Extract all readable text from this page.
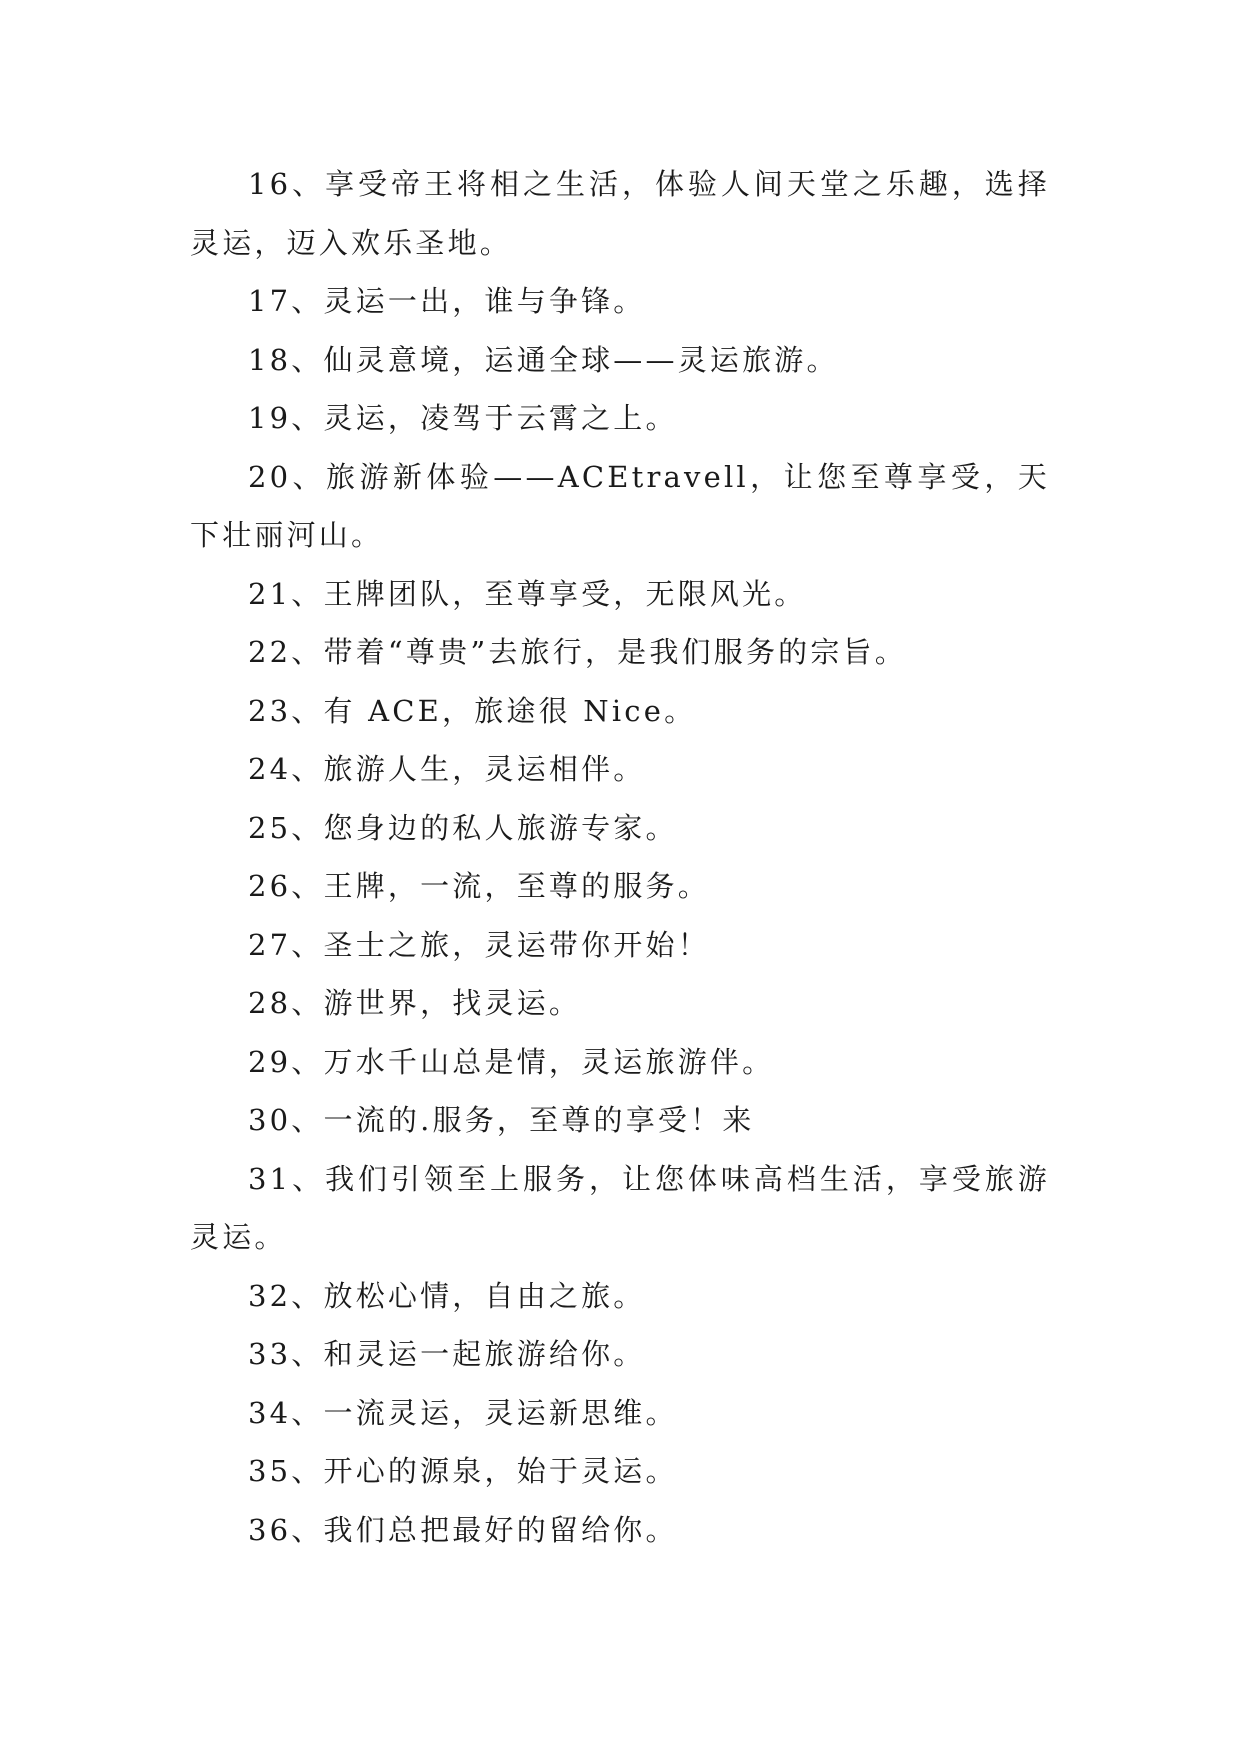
16、享受帝王将相之生活，体验人间天堂之乐趣，选择灵运，迈入欢乐圣地。

17、灵运一出，谁与争锋。

18、仙灵意境，运通全球——灵运旅游。

19、灵运，凌驾于云霄之上。

20、旅游新体验——ACEtravell，让您至尊享受，天下壮丽河山。

21、王牌团队，至尊享受，无限风光。

22、带着“尊贵”去旅行，是我们服务的宗旨。

23、有 ACE，旅途很 Nice。

24、旅游人生，灵运相伴。

25、您身边的私人旅游专家。

26、王牌，一流，至尊的服务。

27、圣士之旅，灵运带你开始！

28、游世界，找灵运。

29、万水千山总是情，灵运旅游伴。

30、一流的.服务，至尊的享受！来

31、我们引领至上服务，让您体味高档生活，享受旅游灵运。

32、放松心情，自由之旅。

33、和灵运一起旅游给你。

34、一流灵运，灵运新思维。

35、开心的源泉，始于灵运。

36、我们总把最好的留给你。
